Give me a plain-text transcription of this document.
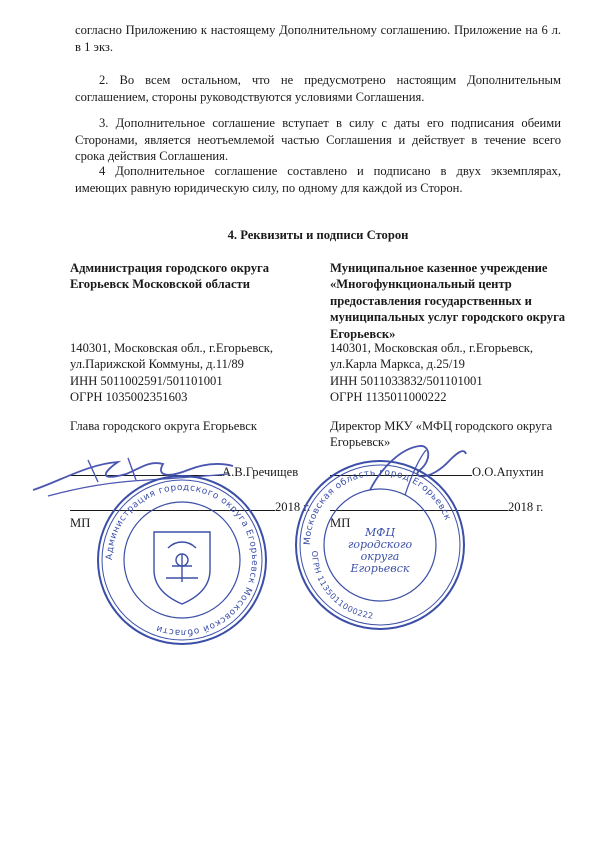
согласно Приложению к настоящему Дополнительному соглашению. Приложение на 6 л. в 1 экз.
2. Во всем остальном, что не предусмотрено настоящим Дополнительным соглашением, стороны руководствуются условиями Соглашения.
3. Дополнительное соглашение вступает в силу с даты его подписания обеими Сторонами, является неотъемлемой частью Соглашения и действует в течение всего срока действия Соглашения.
4 Дополнительное соглашение составлено и подписано в двух экземплярах, имеющих равную юридическую силу, по одному для каждой из Сторон.
4. Реквизиты и подписи Сторон
Администрация городского округа Егорьевск Московской области
140301, Московская обл., г.Егорьевск,
ул.Парижской Коммуны, д.11/89
ИНН 5011002591/501101001
ОГРН 1035002351603
Глава городского округа Егорьевск
Муниципальное казенное учреждение «Многофункциональный центр предоставления государственных и муниципальных услуг городского округа Егорьевск»
140301, Московская обл., г.Егорьевск,
ул.Карла Маркса, д.25/19
ИНН 5011033832/501101001
ОГРН 1135011000222
Директор МКУ «МФЦ городского округа Егорьевск»
А.В.Гречищев
2018 г.
МП
О.О.Апухтин
2018 г.
МП
Администрация городского округа Егорьевск Московской области
Московская область город Егорьевск
ОГРН 1135011000222
МФЦ городского округа Егорьевск
